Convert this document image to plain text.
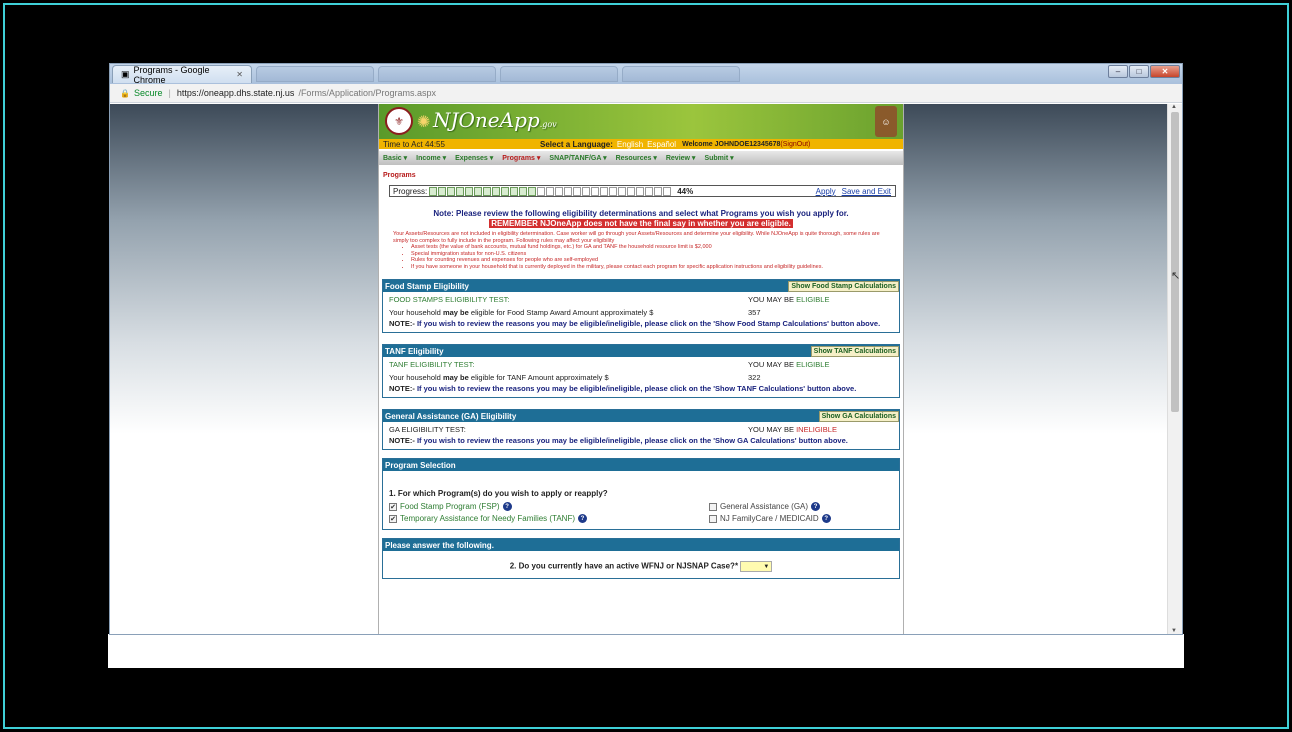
▣ Programs - Google Chrome	✕	–	□	✕
🔒 Secure | https://oneapp.dhs.state.nj.us /Forms/Application/Programs.aspx
⚜ ✺ NJOneApp.gov	☺
Time to Act 44:55	Select a Language: English Español Welcome JOHNDOE12345678 (SignOut)
Basic ▾ Income ▾ Expenses ▾ Programs ▾ SNAP/TANF/GA ▾ Resources ▾ Review ▾ Submit ▾
Programs
Progress:	44%	Apply Save and Exit
Note: Please review the following eligibility determinations and select what Programs you wish you apply for.
REMEMBER NJOneApp does not have the final say in whether you are eligible.
Your Assets/Resources are not included in eligibility determination. Case worker will go through your Assets/Resources and determine your eligibility. While NJOneApp is quite thorough, some rules are simply too complex to fully include in the program. Following rules may affect your eligibility
• Asset tests (the value of bank accounts, mutual fund holdings, etc.) for GA and TANF the household resource limit is $2,000
• Special immigration status for non-U.S. citizens
• Rules for counting revenues and expenses for people who are self-employed
• If you have someone in your household that is currently deployed in the military, please contact each program for specific application instructions and eligibility guidelines.
Food Stamp Eligibility	Show Food Stamp Calculations
FOOD STAMPS ELIGIBILITY TEST:	YOU MAY BE ELIGIBLE
Your household may be eligible for Food Stamp Award Amount approximately $	357
NOTE:- If you wish to review the reasons you may be eligible/ineligible, please click on the 'Show Food Stamp Calculations' button above.
TANF Eligibility	Show TANF Calculations
TANF ELIGIBILITY TEST:	YOU MAY BE ELIGIBLE
Your household may be eligible for TANF Amount approximately $	322
NOTE:- If you wish to review the reasons you may be eligible/ineligible, please click on the 'Show TANF Calculations' button above.
General Assistance (GA) Eligibility	Show GA Calculations
GA ELIGIBILITY TEST:	YOU MAY BE INELIGIBLE
NOTE:- If you wish to review the reasons you may be eligible/ineligible, please click on the 'Show GA Calculations' button above.
Program Selection
1. For which Program(s) do you wish to apply or reapply?
✔ Food Stamp Program (FSP) ?	General Assistance (GA) ?
✔ Temporary Assistance for Needy Families (TANF) ?	NJ FamilyCare / MEDICAID ?
Please answer the following.
2. Do you currently have an active WFNJ or NJSNAP Case?*	▼
▲
▼
↖
